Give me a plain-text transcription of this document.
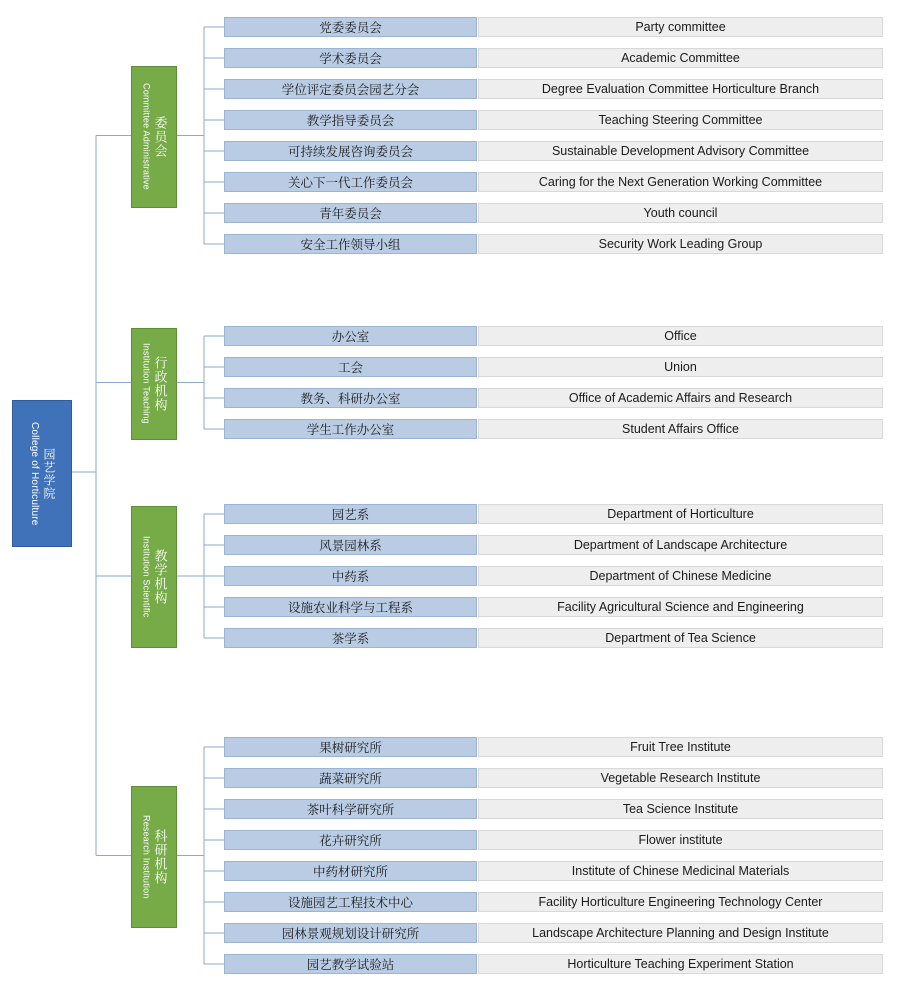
College of Horticulture 园艺学院
党委委员会	Party committee
学术委员会	Academic Committee
学位评定委员会园艺分会	Degree Evaluation Committee Horticulture Branch
教学指导委员会	Teaching Steering Committee
可持续发展咨询委员会	Sustainable Development Advisory Committee
关心下一代工作委员会	Caring for the Next Generation Working Committee
青年委员会	Youth council
安全工作领导小组	Security Work Leading Group
Committee Administrative 委员会
办公室	Office
工会	Union
教务、科研办公室	Office of Academic Affairs and Research
学生工作办公室	Student Affairs Office
Institution Teaching 行政机构
园艺系	Department of Horticulture
风景园林系	Department of Landscape Architecture
中药系	Department of Chinese Medicine
设施农业科学与工程系	Facility Agricultural Science and Engineering
茶学系	Department of Tea Science
Institution Scientific 教学机构
果树研究所	Fruit Tree Institute
蔬菜研究所	Vegetable Research Institute
茶叶科学研究所	Tea Science Institute
花卉研究所	Flower institute
中药材研究所	Institute of Chinese Medicinal Materials
设施园艺工程技术中心	Facility Horticulture Engineering Technology Center
园林景观规划设计研究所	Landscape Architecture Planning and Design Institute
园艺教学试验站	Horticulture Teaching Experiment Station
Research Institution 科研机构
